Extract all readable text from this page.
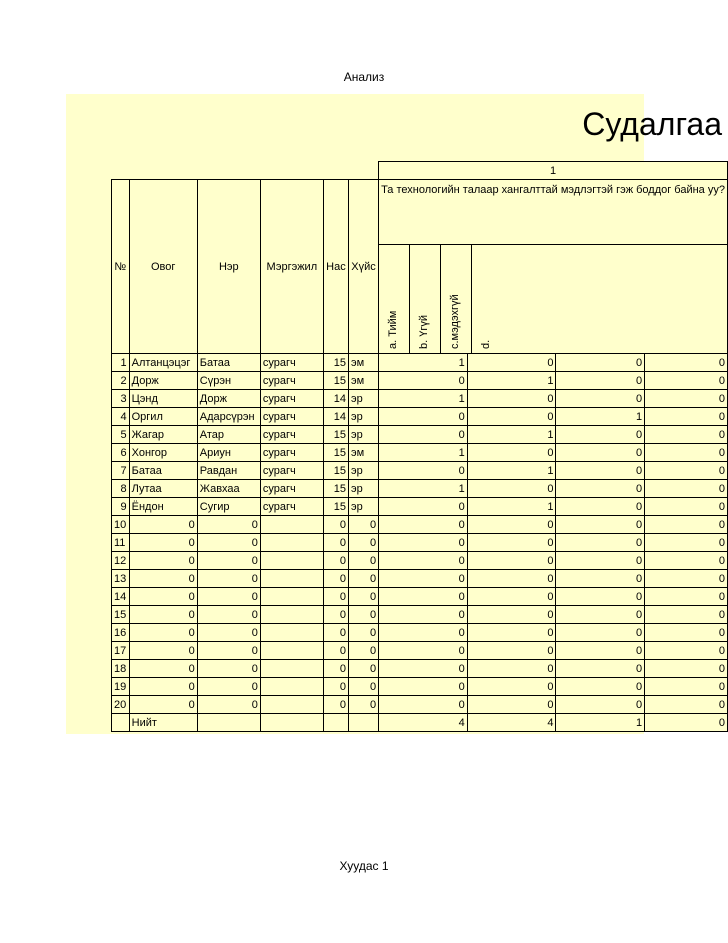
Анализ
Судалгаа
						1			
№	Овог	Нэр	Мэргэжил	Нас	Хүйс	Та технологийн талаар хангалттай мэдлэгтэй гэж боддог байна уу?
a. Тийм b. Үгүй c.мэдэхгүй d.			

1	Алтанцэцэг	Батаа	сурагч	15	эм	1	0	0	0
2	Дорж	Сүрэн	сурагч	15	эм	0	1	0	0
3	Цэнд	Дорж	сурагч	14	эр	1	0	0	0
4	Оргил	Адарсүрэн	сурагч	14	эр	0	0	1	0
5	Жагар	Атар	сурагч	15	эр	0	1	0	0
6	Хонгор	Ариун	сурагч	15	эм	1	0	0	0
7	Батаа	Равдан	сурагч	15	эр	0	1	0	0
8	Лутаа	Жавхаа	сурагч	15	эр	1	0	0	0
9	Ёндон	Сугир	сурагч	15	эр	0	1	0	0
10	0	0		0	0	0	0	0	0
11	0	0		0	0	0	0	0	0
12	0	0		0	0	0	0	0	0
13	0	0		0	0	0	0	0	0
14	0	0		0	0	0	0	0	0
15	0	0		0	0	0	0	0	0
16	0	0		0	0	0	0	0	0
17	0	0		0	0	0	0	0	0
18	0	0		0	0	0	0	0	0
19	0	0		0	0	0	0	0	0
20	0	0		0	0	0	0	0	0
	Нийт					4	4	1	0
Хуудас 1
